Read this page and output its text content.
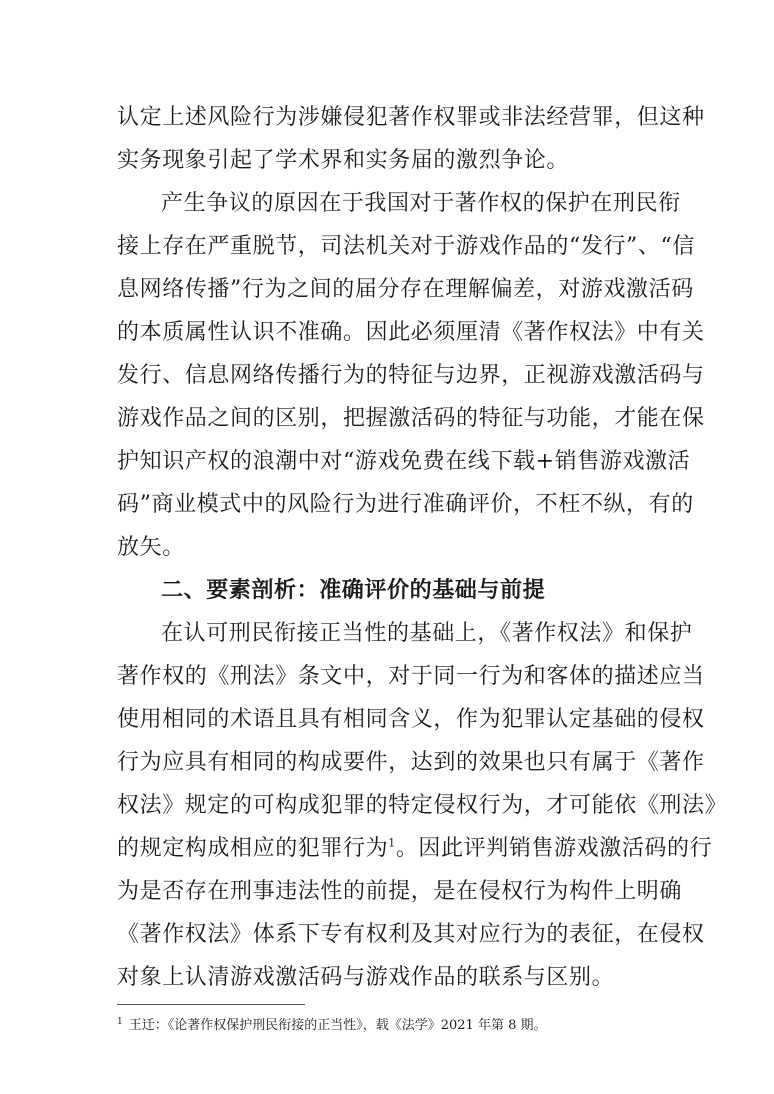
认定上述风险行为涉嫌侵犯著作权罪或非法经营罪，但这种
实务现象引起了学术界和实务届的激烈争论。
产生争议的原因在于我国对于著作权的保护在刑民衔
接上存在严重脱节，司法机关对于游戏作品的“发行”、“信
息网络传播”行为之间的届分存在理解偏差，对游戏激活码
的本质属性认识不准确。因此必须厘清《著作权法》中有关
发行、信息网络传播行为的特征与边界，正视游戏激活码与
游戏作品之间的区别，把握激活码的特征与功能，才能在保
护知识产权的浪潮中对“游戏免费在线下载+销售游戏激活
码”商业模式中的风险行为进行准确评价，不枉不纵，有的
放矢。
二、要素剖析：准确评价的基础与前提
在认可刑民衔接正当性的基础上，《著作权法》和保护
著作权的《刑法》条文中，对于同一行为和客体的描述应当
使用相同的术语且具有相同含义，作为犯罪认定基础的侵权
行为应具有相同的构成要件，达到的效果也只有属于《著作
权法》规定的可构成犯罪的特定侵权行为，才可能依《刑法》
的规定构成相应的犯罪行为$^1$。因此评判销售游戏激活码的行
为是否存在刑事违法性的前提，是在侵权行为构件上明确
《著作权法》体系下专有权利及其对应行为的表征，在侵权
对象上认清游戏激活码与游戏作品的联系与区别。
$^1$ 王迁：《论著作权保护刑民衔接的正当性》，载《法学》2021 年第 8 期。
